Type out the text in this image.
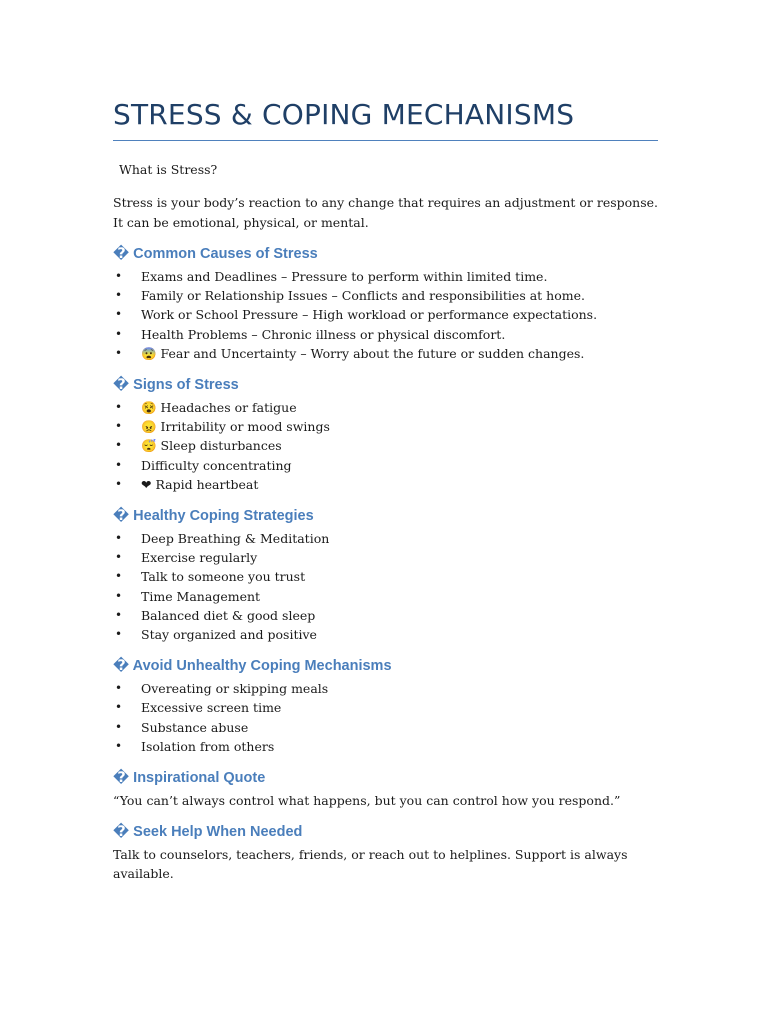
STRESS & COPING MECHANISMS

What is Stress?

Stress is your body’s reaction to any change that requires an adjustment or response. It can be emotional, physical, or mental.

� Common Causes of Stress
• Exams and Deadlines – Pressure to perform within limited time.
• Family or Relationship Issues – Conflicts and responsibilities at home.
• Work or School Pressure – High workload or performance expectations.
• Health Problems – Chronic illness or physical discomfort.
• 😨 Fear and Uncertainty – Worry about the future or sudden changes.
� Signs of Stress
• 😵 Headaches or fatigue
• 😠 Irritability or mood swings
• 😴 Sleep disturbances
• Difficulty concentrating
• ❤ Rapid heartbeat
� Healthy Coping Strategies
• Deep Breathing & Meditation
• Exercise regularly
• Talk to someone you trust
• Time Management
• Balanced diet & good sleep
• Stay organized and positive
� Avoid Unhealthy Coping Mechanisms
• Overeating or skipping meals
• Excessive screen time
• Substance abuse
• Isolation from others
� Inspirational Quote

“You can’t always control what happens, but you can control how you respond.”

� Seek Help When Needed

Talk to counselors, teachers, friends, or reach out to helplines. Support is always available.
